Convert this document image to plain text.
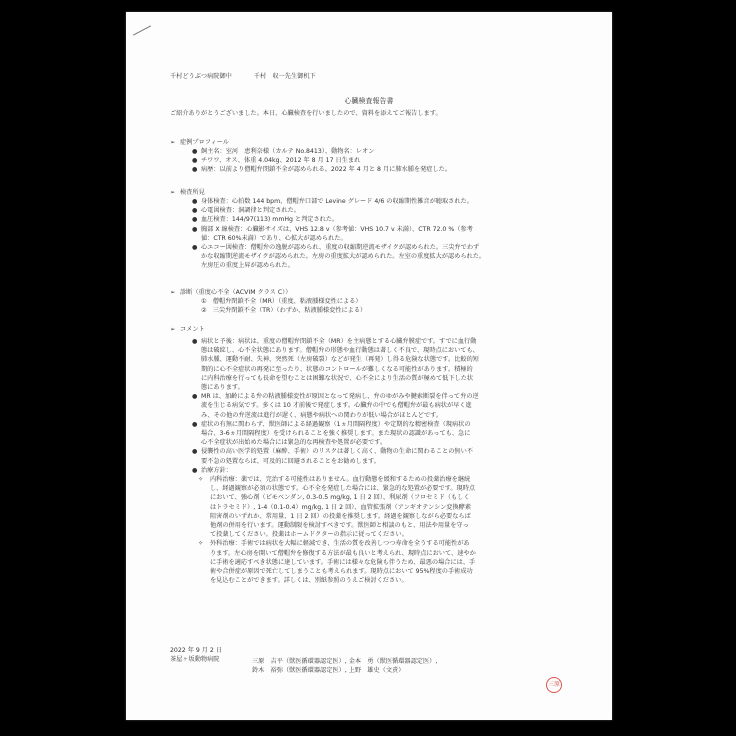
千村どうぶつ病院御中	千村　収一先生御机下
心臓検査報告書
ご紹介ありがとうございました。本日、心臓検査を行いましたので、資料を添えてご報告します。
➢ 症例プロフィール
● 飼主名：室河　恵利奈様（カルテ No.8413）、動物名：レオン
● チワワ、オス、体重 4.04kg、2012 年 8 月 17 日生まれ
● 病歴：以前より僧帽弁閉鎖不全が認められる。2022 年 4 月と 8 月に肺水腫を発症した。
➢ 検査所見
● 身体検査：心拍数 144 bpm、僧帽弁口部で Levine グレード 4/6 の収縮期性雑音が聴取された。
● 心電図検査：洞調律と判定された。
● 血圧検査：144/97(113) mmHg と判定された。
● 胸部 X 線検査：心臓影サイズは、VHS 12.8 v（参考値：VHS 10.7 v 未満）、CTR 72.0 %（参考
値：CTR 60%未満）であり、心拡大が認められた。
● 心エコー図検査：僧帽弁の逸脱が認められ、重度の収縮期逆流モザイクが認められた。三尖弁でわず
かな収縮期逆流モザイクが認められた。左房の重度拡大が認められた。左室の重度拡大が認められた。
左房圧の重度上昇が認められた。
➢ 診断（重度心不全（ACVIM クラス C））
①　僧帽弁閉鎖不全（MR）（重度、粘液腫様変性による）
②　三尖弁閉鎖不全（TR）（わずか、粘液腫様変性による）
➢ コメント
● 病状と予後：病状は、重度の僧帽弁閉鎖不全（MR）を主病態とする心臓弁膜症です。すでに血行動
態は破綻し、心不全状態にあります。僧帽弁の形態や血行動態は著しく不良で、現時点においても、
肺水腫、運動不耐、失神、突然死（左房破裂）などが発生（再発）し得る危険な状態です。比較的短
期的に心不全症状の再発に至ったり、状態のコントロールが難しくなる可能性があります。積極的
に内科治療を行っても長命を望むことは困難な状況で、心不全により生活の質が極めて低下した状
態にあります。
● MR は、加齢による弁の粘液腫様変性が原因となって発病し、弁のゆがみや腱索断裂を伴って弁の逆
流を生じる病気です。多くは 10 才前後で発症します。心臓弁の中でも僧帽弁が最も病状が早く進
み、その他の弁逆流は進行が遅く、病態や病状への関わりが低い場合がほとんどです。
● 症状の有無に関わらず、獣医師による経過観察（1ヵ月間隔程度）や定期的な精密検査（現病状の
場合、3-6ヵ月間隔程度）を受けられることを強く推奨します。また現状の認識があっても、急に
心不全症状が出始めた場合には緊急的な再検査や処置が必要です。
● 侵襲性の高い医学的処置（麻酔、手術）のリスクは著しく高く、動物の生命に関わることの無い不
要不急の処置ならば、可及的に回避されることをお勧めします。
● 治療方針：
✧ 内科治療：薬では、完治する可能性はありません。血行動態を緩和するための投薬治療を継続
し、経過観察が必須の状態です。心不全を発症した場合には、緊急的な処置が必要です。現時点
において、強心剤（ピモベンダン, 0.3-0.5 mg/kg, 1 日 2 回）、利尿剤（フロセミド（もしく
はトラセミド）, 1-4（0.1-0.4）mg/kg, 1 日 2 回）、血管拡張剤（アンギオテンシン変換酵素
阻害剤のいずれか、常用量、1 日 2 回）の投薬を推奨します。経過を観察しながら必要ならば
他剤の併用を行います。運動制限を検討すべきです。獣医師と相談のもと、用法や用量を守っ
て投薬してください。投薬はホームドクターの指示に従ってください。
✧ 外科治療：手術では病状を大幅に軽減でき、生活の質を改善しつつ寿命を全うする可能性があ
ります。左心房を開いて僧帽弁を修復する方法が最も良いと考えられ、現時点において、速やか
に手術を適応すべき状態に達しています。手術には様々な危険も伴うため、最悪の場合には、手
術や合併症が原因で死亡してしまうことも考えられます。現時点において 95%程度の手術成功
を見込むことができます。詳しくは、別紙参照のうえご検討ください。
2022 年 9 月 2 日
茶屋ヶ坂動物病院	三原　吉平（獣医循環器認定医）, 金本　勇（獣医循環器認定医）,
鈴木　裕弥（獣医循環器認定医）, 上野　雄史（文責）
三原
